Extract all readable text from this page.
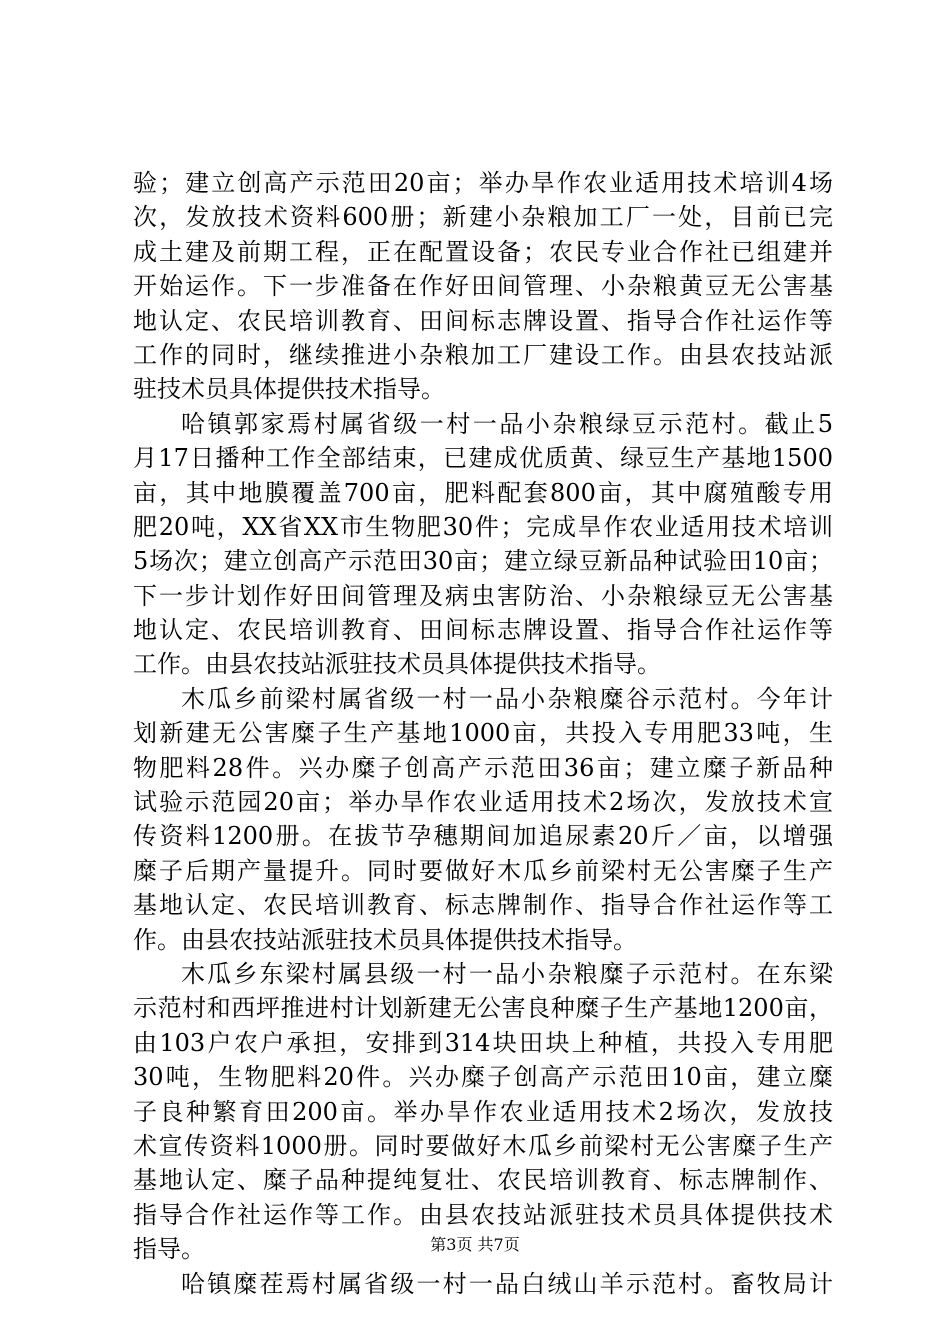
验；建立创高产示范田20亩；举办旱作农业适用技术培训4场
次，发放技术资料600册；新建小杂粮加工厂一处，目前已完
成土建及前期工程，正在配置设备；农民专业合作社已组建并
开始运作。下一步准备在作好田间管理、小杂粮黄豆无公害基
地认定、农民培训教育、田间标志牌设置、指导合作社运作等
工作的同时，继续推进小杂粮加工厂建设工作。由县农技站派
驻技术员具体提供技术指导。
哈镇郭家焉村属省级一村一品小杂粮绿豆示范村。截止5
月17日播种工作全部结束，已建成优质黄、绿豆生产基地1500
亩，其中地膜覆盖700亩，肥料配套800亩，其中腐殖酸专用
肥20吨，XX省XX市生物肥30件；完成旱作农业适用技术培训
5场次；建立创高产示范田30亩；建立绿豆新品种试验田10亩；
下一步计划作好田间管理及病虫害防治、小杂粮绿豆无公害基
地认定、农民培训教育、田间标志牌设置、指导合作社运作等
工作。由县农技站派驻技术员具体提供技术指导。
木瓜乡前梁村属省级一村一品小杂粮糜谷示范村。今年计
划新建无公害糜子生产基地1000亩，共投入专用肥33吨，生
物肥料28件。兴办糜子创高产示范田36亩；建立糜子新品种
试验示范园20亩；举办旱作农业适用技术2场次，发放技术宣
传资料1200册。在拔节孕穗期间加追尿素20斤／亩，以增强
糜子后期产量提升。同时要做好木瓜乡前梁村无公害糜子生产
基地认定、农民培训教育、标志牌制作、指导合作社运作等工
作。由县农技站派驻技术员具体提供技术指导。
木瓜乡东梁村属县级一村一品小杂粮糜子示范村。在东梁
示范村和西坪推进村计划新建无公害良种糜子生产基地1200亩，
由103户农户承担，安排到314块田块上种植，共投入专用肥
30吨，生物肥料20件。兴办糜子创高产示范田10亩，建立糜
子良种繁育田200亩。举办旱作农业适用技术2场次，发放技
术宣传资料1000册。同时要做好木瓜乡前梁村无公害糜子生产
基地认定、糜子品种提纯复壮、农民培训教育、标志牌制作、
指导合作社运作等工作。由县农技站派驻技术员具体提供技术
指导。
哈镇糜茬焉村属省级一村一品白绒山羊示范村。畜牧局计
第3页 共7页
